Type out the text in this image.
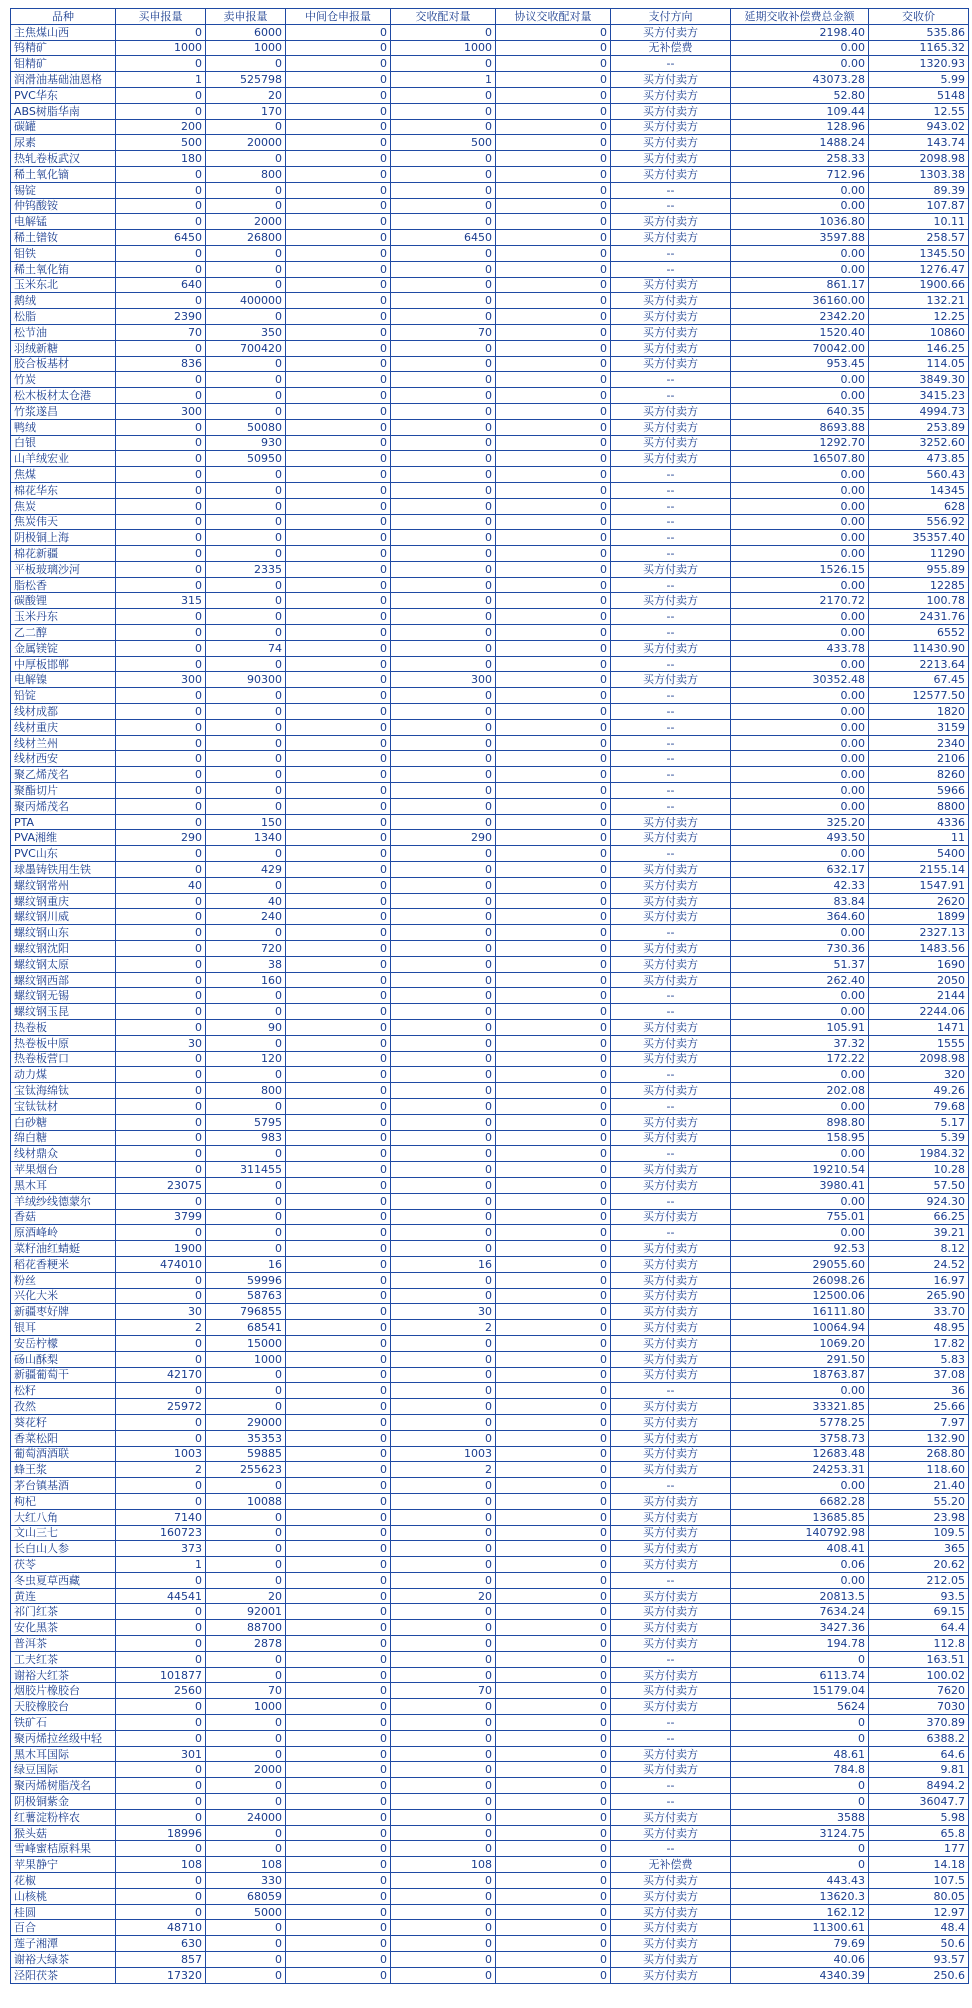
品种	买申报量	卖申报量	中间仓申报量	交收配对量	协议交收配对量	支付方向	延期交收补偿费总金额	交收价
主焦煤山西	0	6000	0	0	0	买方付卖方	2198.40	535.86
钨精矿	1000	1000	0	1000	0	无补偿费	0.00	1165.32
钼精矿	0	0	0	0	0	--	0.00	1320.93
润滑油基础油恩格	1	525798	0	1	0	买方付卖方	43073.28	5.99
PVC华东	0	20	0	0	0	买方付卖方	52.80	5148
ABS树脂华南	0	170	0	0	0	买方付卖方	109.44	12.55
碳罐	200	0	0	0	0	买方付卖方	128.96	943.02
尿素	500	20000	0	500	0	买方付卖方	1488.24	143.74
热轧卷板武汉	180	0	0	0	0	买方付卖方	258.33	2098.98
稀土氧化镝	0	800	0	0	0	买方付卖方	712.96	1303.38
锡锭	0	0	0	0	0	--	0.00	89.39
仲钨酸铵	0	0	0	0	0	--	0.00	107.87
电解锰	0	2000	0	0	0	买方付卖方	1036.80	10.11
稀土镨钕	6450	26800	0	6450	0	买方付卖方	3597.88	258.57
钼铁	0	0	0	0	0	--	0.00	1345.50
稀土氧化铕	0	0	0	0	0	--	0.00	1276.47
玉米东北	640	0	0	0	0	买方付卖方	861.17	1900.66
鹅绒	0	400000	0	0	0	买方付卖方	36160.00	132.21
松脂	2390	0	0	0	0	买方付卖方	2342.20	12.25
松节油	70	350	0	70	0	买方付卖方	1520.40	10860
羽绒新糖	0	700420	0	0	0	买方付卖方	70042.00	146.25
胶合板基材	836	0	0	0	0	买方付卖方	953.45	114.05
竹炭	0	0	0	0	0	--	0.00	3849.30
松木板材太仓港	0	0	0	0	0	--	0.00	3415.23
竹浆遂昌	300	0	0	0	0	买方付卖方	640.35	4994.73
鸭绒	0	50080	0	0	0	买方付卖方	8693.88	253.89
白银	0	930	0	0	0	买方付卖方	1292.70	3252.60
山羊绒宏业	0	50950	0	0	0	买方付卖方	16507.80	473.85
焦煤	0	0	0	0	0	--	0.00	560.43
棉花华东	0	0	0	0	0	--	0.00	14345
焦炭	0	0	0	0	0	--	0.00	628
焦炭伟天	0	0	0	0	0	--	0.00	556.92
阴极铜上海	0	0	0	0	0	--	0.00	35357.40
棉花新疆	0	0	0	0	0	--	0.00	11290
平板玻璃沙河	0	2335	0	0	0	买方付卖方	1526.15	955.89
脂松香	0	0	0	0	0	--	0.00	12285
碳酸锂	315	0	0	0	0	买方付卖方	2170.72	100.78
玉米丹东	0	0	0	0	0	--	0.00	2431.76
乙二醇	0	0	0	0	0	--	0.00	6552
金属镁锭	0	74	0	0	0	买方付卖方	433.78	11430.90
中厚板邯郸	0	0	0	0	0	--	0.00	2213.64
电解镍	300	90300	0	300	0	买方付卖方	30352.48	67.45
铅锭	0	0	0	0	0	--	0.00	12577.50
线材成都	0	0	0	0	0	--	0.00	1820
线材重庆	0	0	0	0	0	--	0.00	3159
线材兰州	0	0	0	0	0	--	0.00	2340
线材西安	0	0	0	0	0	--	0.00	2106
聚乙烯茂名	0	0	0	0	0	--	0.00	8260
聚酯切片	0	0	0	0	0	--	0.00	5966
聚丙烯茂名	0	0	0	0	0	--	0.00	8800
PTA	0	150	0	0	0	买方付卖方	325.20	4336
PVA湘维	290	1340	0	290	0	买方付卖方	493.50	11
PVC山东	0	0	0	0	0	--	0.00	5400
球墨铸铁用生铁	0	429	0	0	0	买方付卖方	632.17	2155.14
螺纹钢常州	40	0	0	0	0	买方付卖方	42.33	1547.91
螺纹钢重庆	0	40	0	0	0	买方付卖方	83.84	2620
螺纹钢川威	0	240	0	0	0	买方付卖方	364.60	1899
螺纹钢山东	0	0	0	0	0	--	0.00	2327.13
螺纹钢沈阳	0	720	0	0	0	买方付卖方	730.36	1483.56
螺纹钢太原	0	38	0	0	0	买方付卖方	51.37	1690
螺纹钢西部	0	160	0	0	0	买方付卖方	262.40	2050
螺纹钢无锡	0	0	0	0	0	--	0.00	2144
螺纹钢玉昆	0	0	0	0	0	--	0.00	2244.06
热卷板	0	90	0	0	0	买方付卖方	105.91	1471
热卷板中原	30	0	0	0	0	买方付卖方	37.32	1555
热卷板营口	0	120	0	0	0	买方付卖方	172.22	2098.98
动力煤	0	0	0	0	0	--	0.00	320
宝钛海绵钛	0	800	0	0	0	买方付卖方	202.08	49.26
宝钛钛材	0	0	0	0	0	--	0.00	79.68
白砂糖	0	5795	0	0	0	买方付卖方	898.80	5.17
绵白糖	0	983	0	0	0	买方付卖方	158.95	5.39
线材鼎众	0	0	0	0	0	--	0.00	1984.32
苹果烟台	0	311455	0	0	0	买方付卖方	19210.54	10.28
黑木耳	23075	0	0	0	0	买方付卖方	3980.41	57.50
羊绒纱线德蒙尔	0	0	0	0	0	--	0.00	924.30
香菇	3799	0	0	0	0	买方付卖方	755.01	66.25
原酒峰岭	0	0	0	0	0	--	0.00	39.21
菜籽油红蜻蜓	1900	0	0	0	0	买方付卖方	92.53	8.12
稻花香粳米	474010	16	0	16	0	买方付卖方	29055.60	24.52
粉丝	0	59996	0	0	0	买方付卖方	26098.26	16.97
兴化大米	0	58763	0	0	0	买方付卖方	12500.06	265.90
新疆枣好牌	30	796855	0	30	0	买方付卖方	16111.80	33.70
银耳	2	68541	0	2	0	买方付卖方	10064.94	48.95
安岳柠檬	0	15000	0	0	0	买方付卖方	1069.20	17.82
砀山酥梨	0	1000	0	0	0	买方付卖方	291.50	5.83
新疆葡萄干	42170	0	0	0	0	买方付卖方	18763.87	37.08
松籽	0	0	0	0	0	--	0.00	36
孜然	25972	0	0	0	0	买方付卖方	33321.85	25.66
葵花籽	0	29000	0	0	0	买方付卖方	5778.25	7.97
香菜松阳	0	35353	0	0	0	买方付卖方	3758.73	132.90
葡萄酒酒联	1003	59885	0	1003	0	买方付卖方	12683.48	268.80
蜂王浆	2	255623	0	2	0	买方付卖方	24253.31	118.60
茅台镇基酒	0	0	0	0	0	--	0.00	21.40
枸杞	0	10088	0	0	0	买方付卖方	6682.28	55.20
大红八角	7140	0	0	0	0	买方付卖方	13685.85	23.98
文山三七	160723	0	0	0	0	买方付卖方	140792.98	109.5
长白山人参	373	0	0	0	0	买方付卖方	408.41	365
茯苓	1	0	0	0	0	买方付卖方	0.06	20.62
冬虫夏草西藏	0	0	0	0	0	--	0.00	212.05
黄连	44541	20	0	20	0	买方付卖方	20813.5	93.5
祁门红茶	0	92001	0	0	0	买方付卖方	7634.24	69.15
安化黑茶	0	88700	0	0	0	买方付卖方	3427.36	64.4
普洱茶	0	2878	0	0	0	买方付卖方	194.78	112.8
工夫红茶	0	0	0	0	0	--	0	163.51
谢裕大红茶	101877	0	0	0	0	买方付卖方	6113.74	100.02
烟胶片橡胶台	2560	70	0	70	0	买方付卖方	15179.04	7620
天胶橡胶台	0	1000	0	0	0	买方付卖方	5624	7030
铁矿石	0	0	0	0	0	--	0	370.89
聚丙烯拉丝级中轻	0	0	0	0	0	--	0	6388.2
黑木耳国际	301	0	0	0	0	买方付卖方	48.61	64.6
绿豆国际	0	2000	0	0	0	买方付卖方	784.8	9.81
聚丙烯树脂茂名	0	0	0	0	0	--	0	8494.2
阴极铜紫金	0	0	0	0	0	--	0	36047.7
红薯淀粉梓农	0	24000	0	0	0	买方付卖方	3588	5.98
猴头菇	18996	0	0	0	0	买方付卖方	3124.75	65.8
雪峰蜜桔原料果	0	0	0	0	0	--	0	177
苹果静宁	108	108	0	108	0	无补偿费	0	14.18
花椒	0	330	0	0	0	买方付卖方	443.43	107.5
山核桃	0	68059	0	0	0	买方付卖方	13620.3	80.05
桂圆	0	5000	0	0	0	买方付卖方	162.12	12.97
百合	48710	0	0	0	0	买方付卖方	11300.61	48.4
莲子湘潭	630	0	0	0	0	买方付卖方	79.69	50.6
谢裕大绿茶	857	0	0	0	0	买方付卖方	40.06	93.57
泾阳茯茶	17320	0	0	0	0	买方付卖方	4340.39	250.6
